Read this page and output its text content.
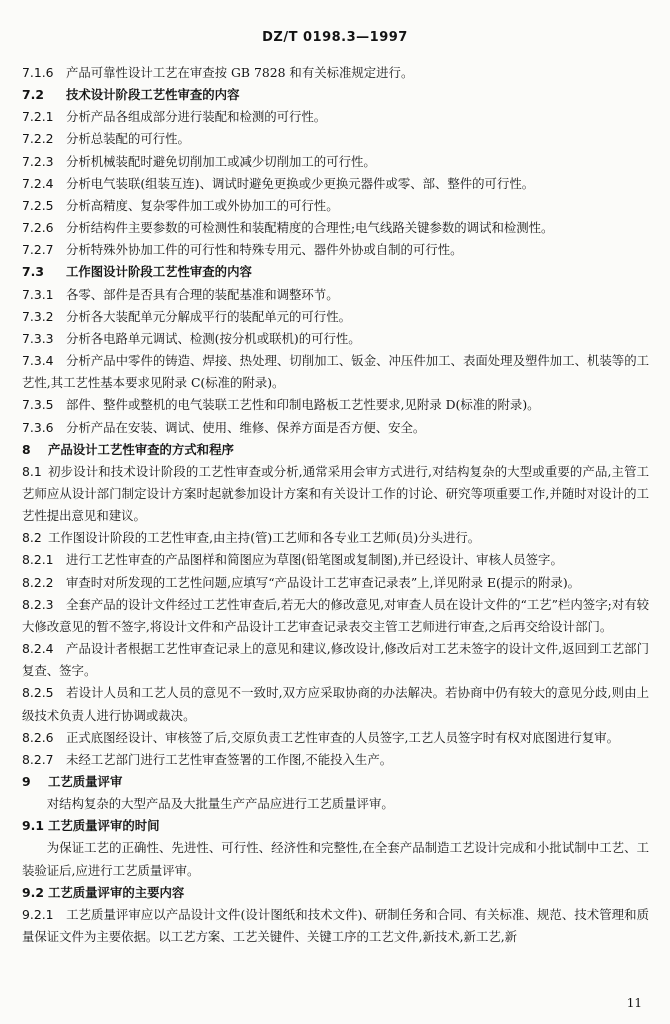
DZ/T 0198.3—1997

7.1.6 产品可靠性设计工艺在审查按 GB 7828 和有关标准规定进行。

7.2 技术设计阶段工艺性审查的内容

7.2.1 分析产品各组成部分进行装配和检测的可行性。

7.2.2 分析总装配的可行性。

7.2.3 分析机械装配时避免切削加工或减少切削加工的可行性。

7.2.4 分析电气装联(组装互连)、调试时避免更换或少更换元器件或零、部、整件的可行性。

7.2.5 分析高精度、复杂零件加工或外协加工的可行性。

7.2.6 分析结构件主要参数的可检测性和装配精度的合理性;电气线路关键参数的调试和检测性。

7.2.7 分析特殊外协加工件的可行性和特殊专用元、器件外协或自制的可行性。

7.3 工作图设计阶段工艺性审查的内容

7.3.1 各零、部件是否具有合理的装配基准和调整环节。

7.3.2 分析各大装配单元分解成平行的装配单元的可行性。

7.3.3 分析各电路单元调试、检测(按分机或联机)的可行性。

7.3.4 分析产品中零件的铸造、焊接、热处理、切削加工、钣金、冲压件加工、表面处理及塑件加工、机装等的工艺性,其工艺性基本要求见附录 C(标准的附录)。

7.3.5 部件、整件或整机的电气装联工艺性和印制电路板工艺性要求,见附录 D(标准的附录)。

7.3.6 分析产品在安装、调试、使用、维修、保养方面是否方便、安全。

8 产品设计工艺性审查的方式和程序

8.1 初步设计和技术设计阶段的工艺性审查或分析,通常采用会审方式进行,对结构复杂的大型或重要的产品,主管工艺师应从设计部门制定设计方案时起就参加设计方案和有关设计工作的讨论、研究等项重要工作,并随时对设计的工艺性提出意见和建议。

8.2 工作图设计阶段的工艺性审查,由主持(管)工艺师和各专业工艺师(员)分头进行。

8.2.1 进行工艺性审查的产品图样和简图应为草图(铅笔图或复制图),并已经设计、审核人员签字。

8.2.2 审查时对所发现的工艺性问题,应填写“产品设计工艺审查记录表”上,详见附录 E(提示的附录)。

8.2.3 全套产品的设计文件经过工艺性审查后,若无大的修改意见,对审查人员在设计文件的“工艺”栏内签字;对有较大修改意见的暂不签字,将设计文件和产品设计工艺审查记录表交主管工艺师进行审查,之后再交给设计部门。

8.2.4 产品设计者根据工艺性审查记录上的意见和建议,修改设计,修改后对工艺未签字的设计文件,返回到工艺部门复查、签字。

8.2.5 若设计人员和工艺人员的意见不一致时,双方应采取协商的办法解决。若协商中仍有较大的意见分歧,则由上级技术负责人进行协调或裁决。

8.2.6 正式底图经设计、审核签了后,交原负责工艺性审查的人员签字,工艺人员签字时有权对底图进行复审。

8.2.7 未经工艺部门进行工艺性审查签署的工作图,不能投入生产。

9 工艺质量评审

对结构复杂的大型产品及大批量生产产品应进行工艺质量评审。

9.1 工艺质量评审的时间

为保证工艺的正确性、先进性、可行性、经济性和完整性,在全套产品制造工艺设计完成和小批试制中工艺、工装验证后,应进行工艺质量评审。

9.2 工艺质量评审的主要内容

9.2.1 工艺质量评审应以产品设计文件(设计图纸和技术文件)、研制任务和合同、有关标准、规范、技术管理和质量保证文件为主要依据。以工艺方案、工艺关键件、关键工序的工艺文件,新技术,新工艺,新

11
